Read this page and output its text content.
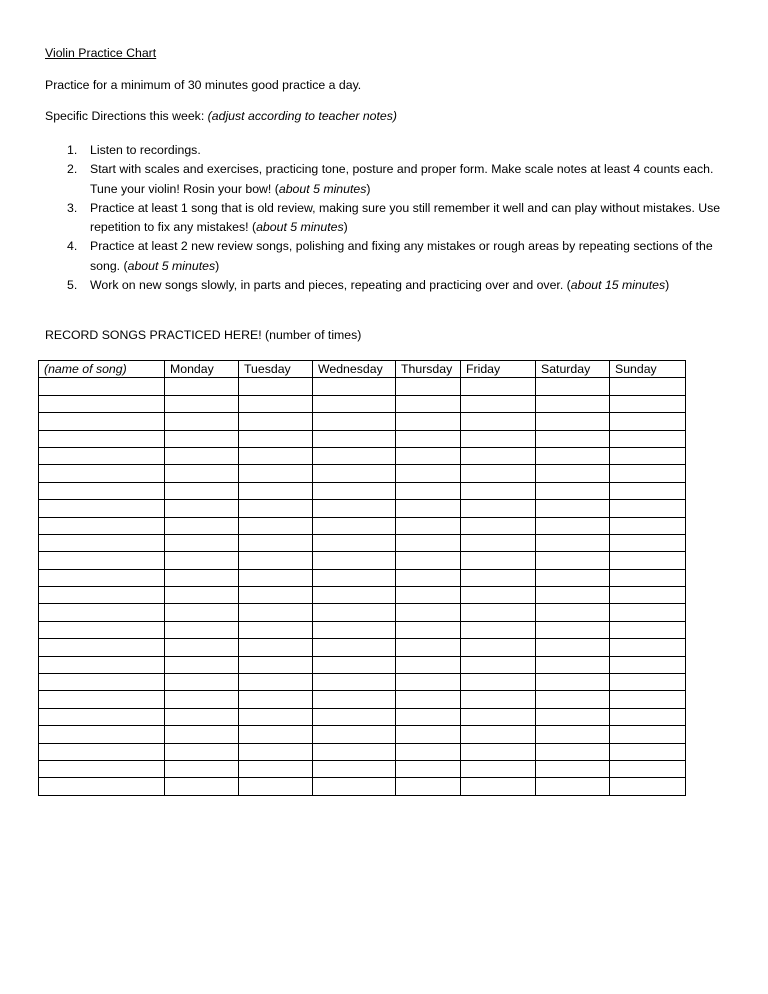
Violin Practice Chart
Practice for a minimum of 30 minutes good practice a day.
Specific Directions this week: (adjust according to teacher notes)
1. Listen to recordings.
2. Start with scales and exercises, practicing tone, posture and proper form. Make scale notes at least 4 counts each. Tune your violin! Rosin your bow! (about 5 minutes)
3. Practice at least 1 song that is old review, making sure you still remember it well and can play without mistakes. Use repetition to fix any mistakes! (about 5 minutes)
4. Practice at least 2 new review songs, polishing and fixing any mistakes or rough areas by repeating sections of the song. (about 5 minutes)
5. Work on new songs slowly, in parts and pieces, repeating and practicing over and over. (about 15 minutes)
RECORD SONGS PRACTICED HERE! (number of times)
(name of song)	Monday	Tuesday	Wednesday	Thursday	Friday	Saturday	Sunday
